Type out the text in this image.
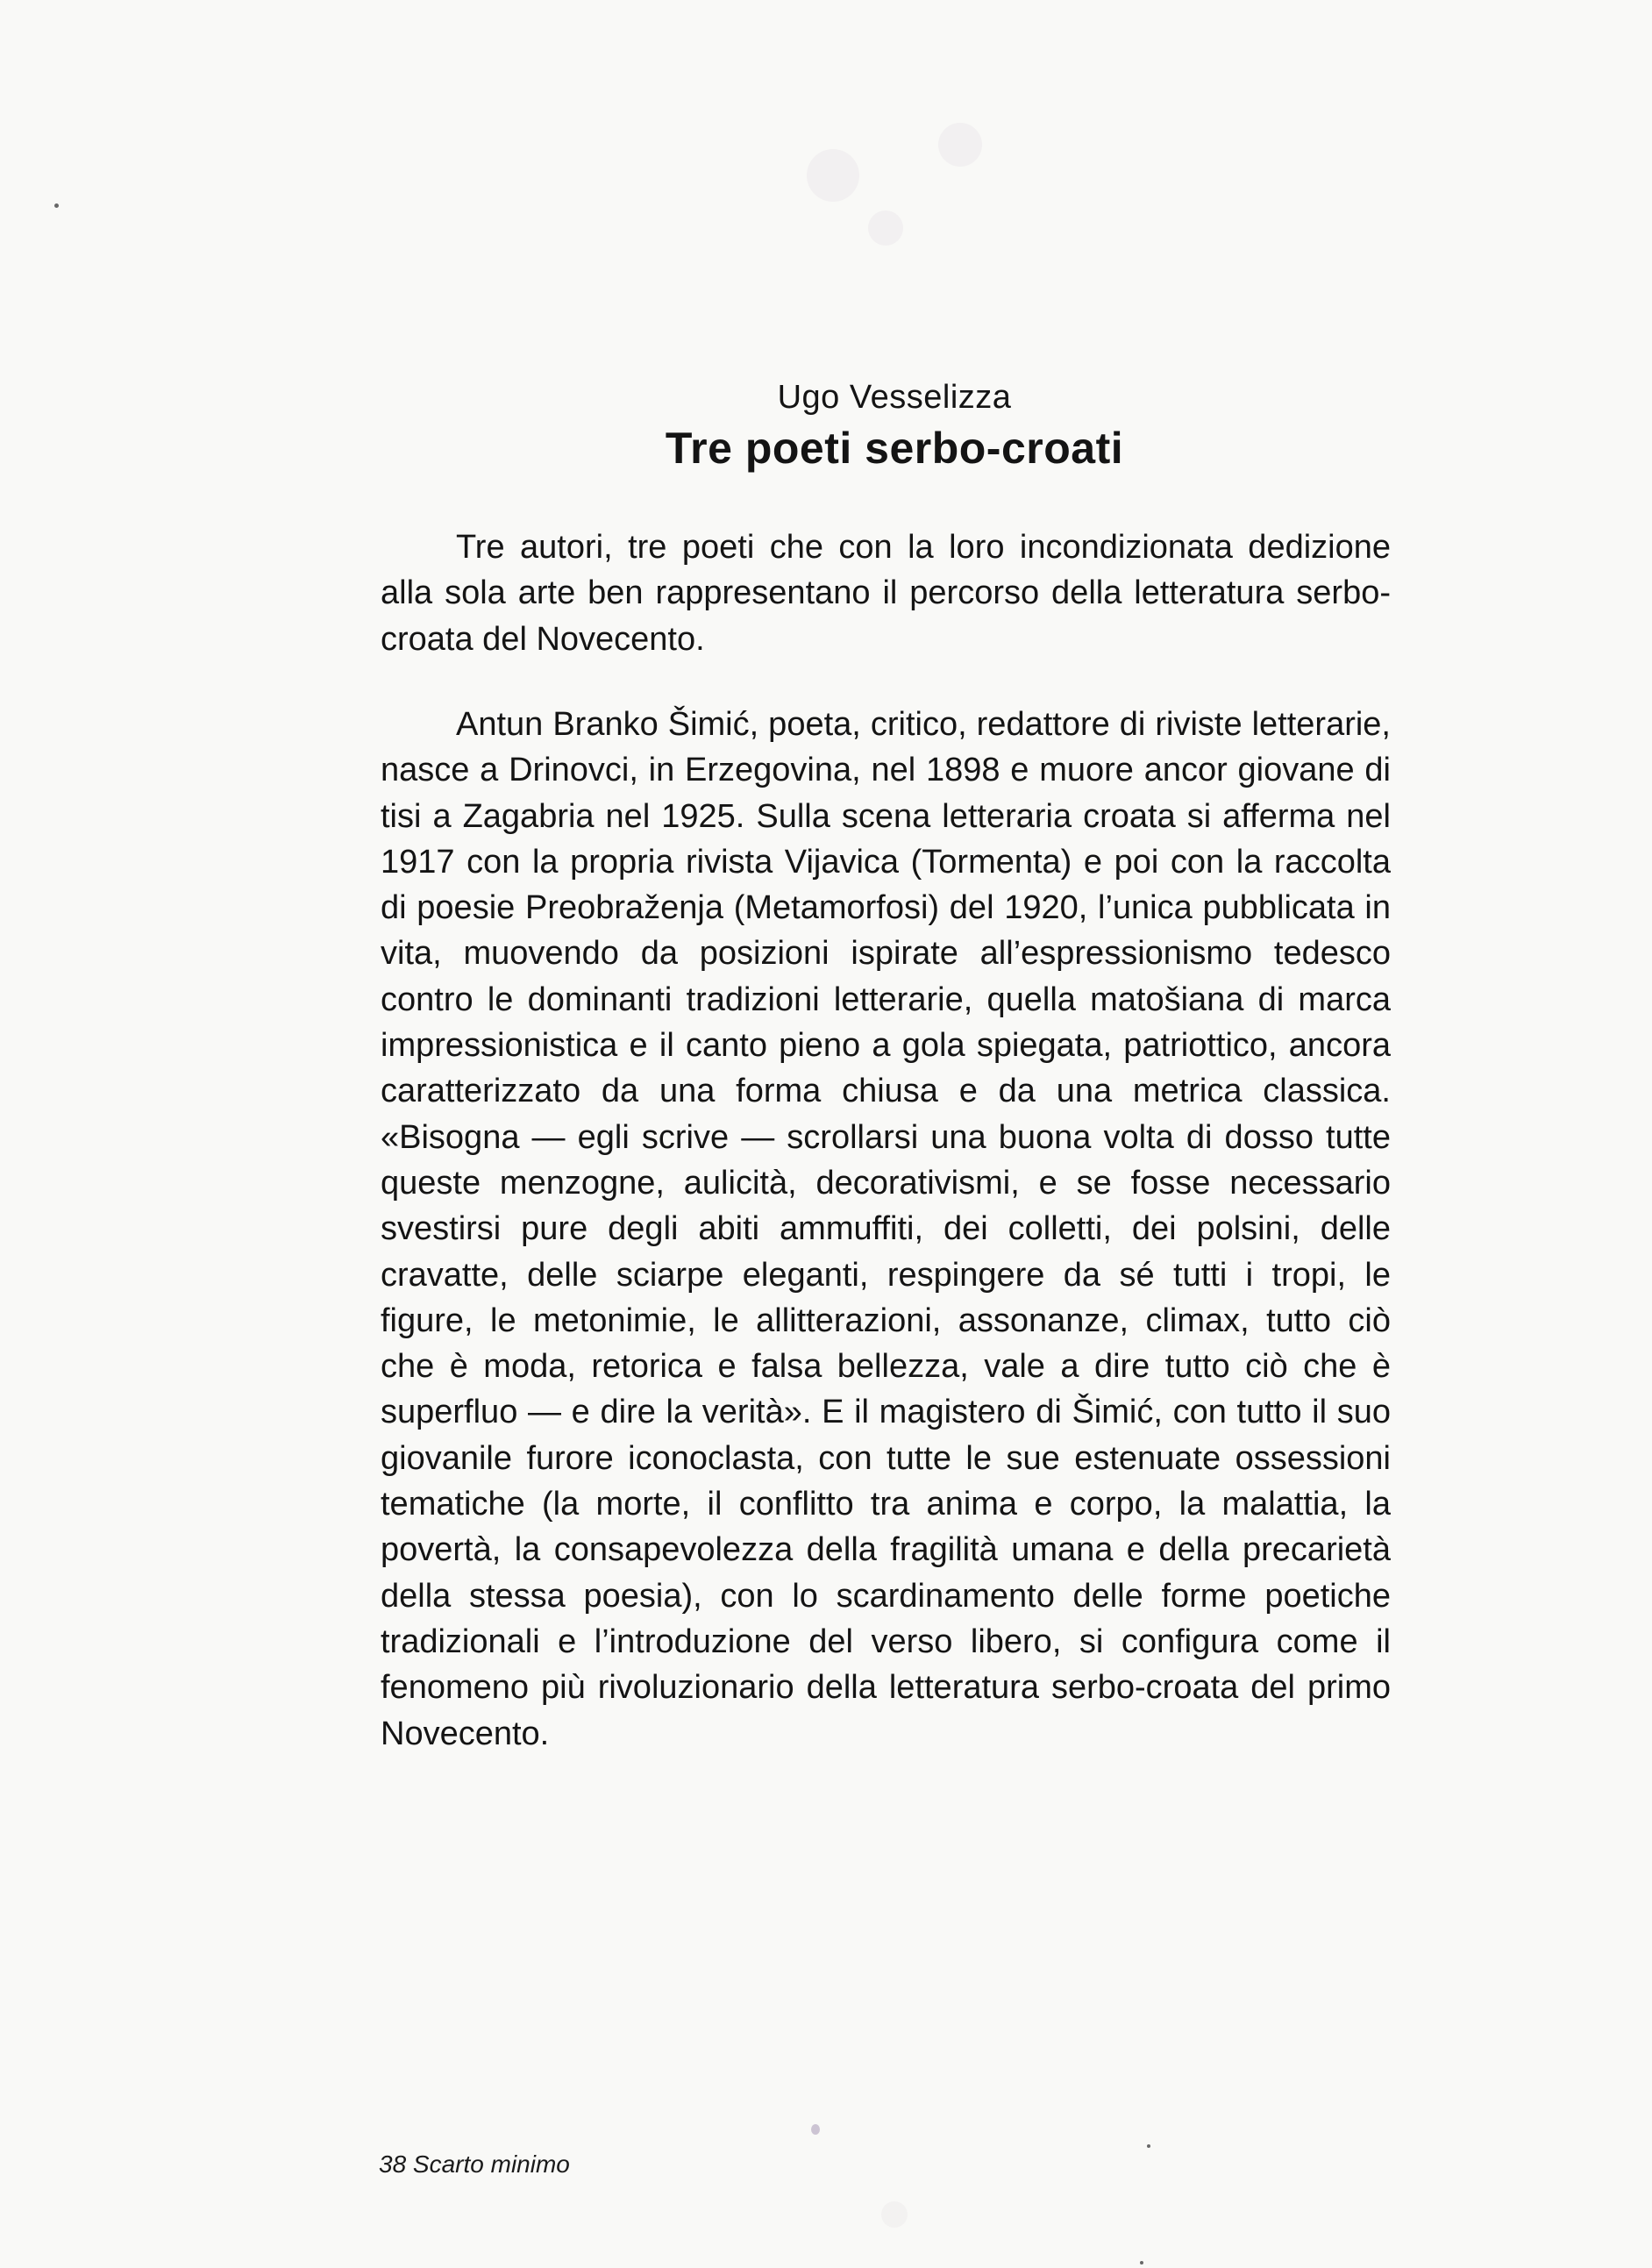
Ugo Vesselizza
Tre poeti serbo-croati

Tre autori, tre poeti che con la loro incondizionata dedizione alla sola arte ben rappresentano il percorso della letteratura serbo-croata del Novecento.

Antun Branko Šimić, poeta, critico, redattore di riviste letterarie, nasce a Drinovci, in Erzegovina, nel 1898 e muore ancor giovane di tisi a Zagabria nel 1925. Sulla scena letteraria croata si afferma nel 1917 con la propria rivista Vijavica (Tormenta) e poi con la raccolta di poesie Preobraženja (Metamorfosi) del 1920, l’unica pubblicata in vita, muovendo da posizioni ispirate all’espressionismo tedesco contro le dominanti tradizioni letterarie, quella matošiana di marca impressionistica e il canto pieno a gola spiegata, patriottico, ancora caratterizzato da una forma chiusa e da una metrica classica. «Bisogna — egli scrive — scrollarsi una buona volta di dosso tutte queste menzogne, aulicità, decorativismi, e se fosse necessario svestirsi pure degli abiti ammuffiti, dei colletti, dei polsini, delle cravatte, delle sciarpe eleganti, respingere da sé tutti i tropi, le figure, le metonimie, le allitterazioni, assonanze, climax, tutto ciò che è moda, retorica e falsa bellezza, vale a dire tutto ciò che è superfluo — e dire la verità». E il magistero di Šimić, con tutto il suo giovanile furore iconoclasta, con tutte le sue estenuate ossessioni tematiche (la morte, il conflitto tra anima e corpo, la malattia, la povertà, la consapevolezza della fragilità umana e della precarietà della stessa poesia), con lo scardinamento delle forme poetiche tradizionali e l’introduzione del verso libero, si configura come il fenomeno più rivoluzionario della letteratura serbo-croata del primo Novecento.

38 Scarto minimo
